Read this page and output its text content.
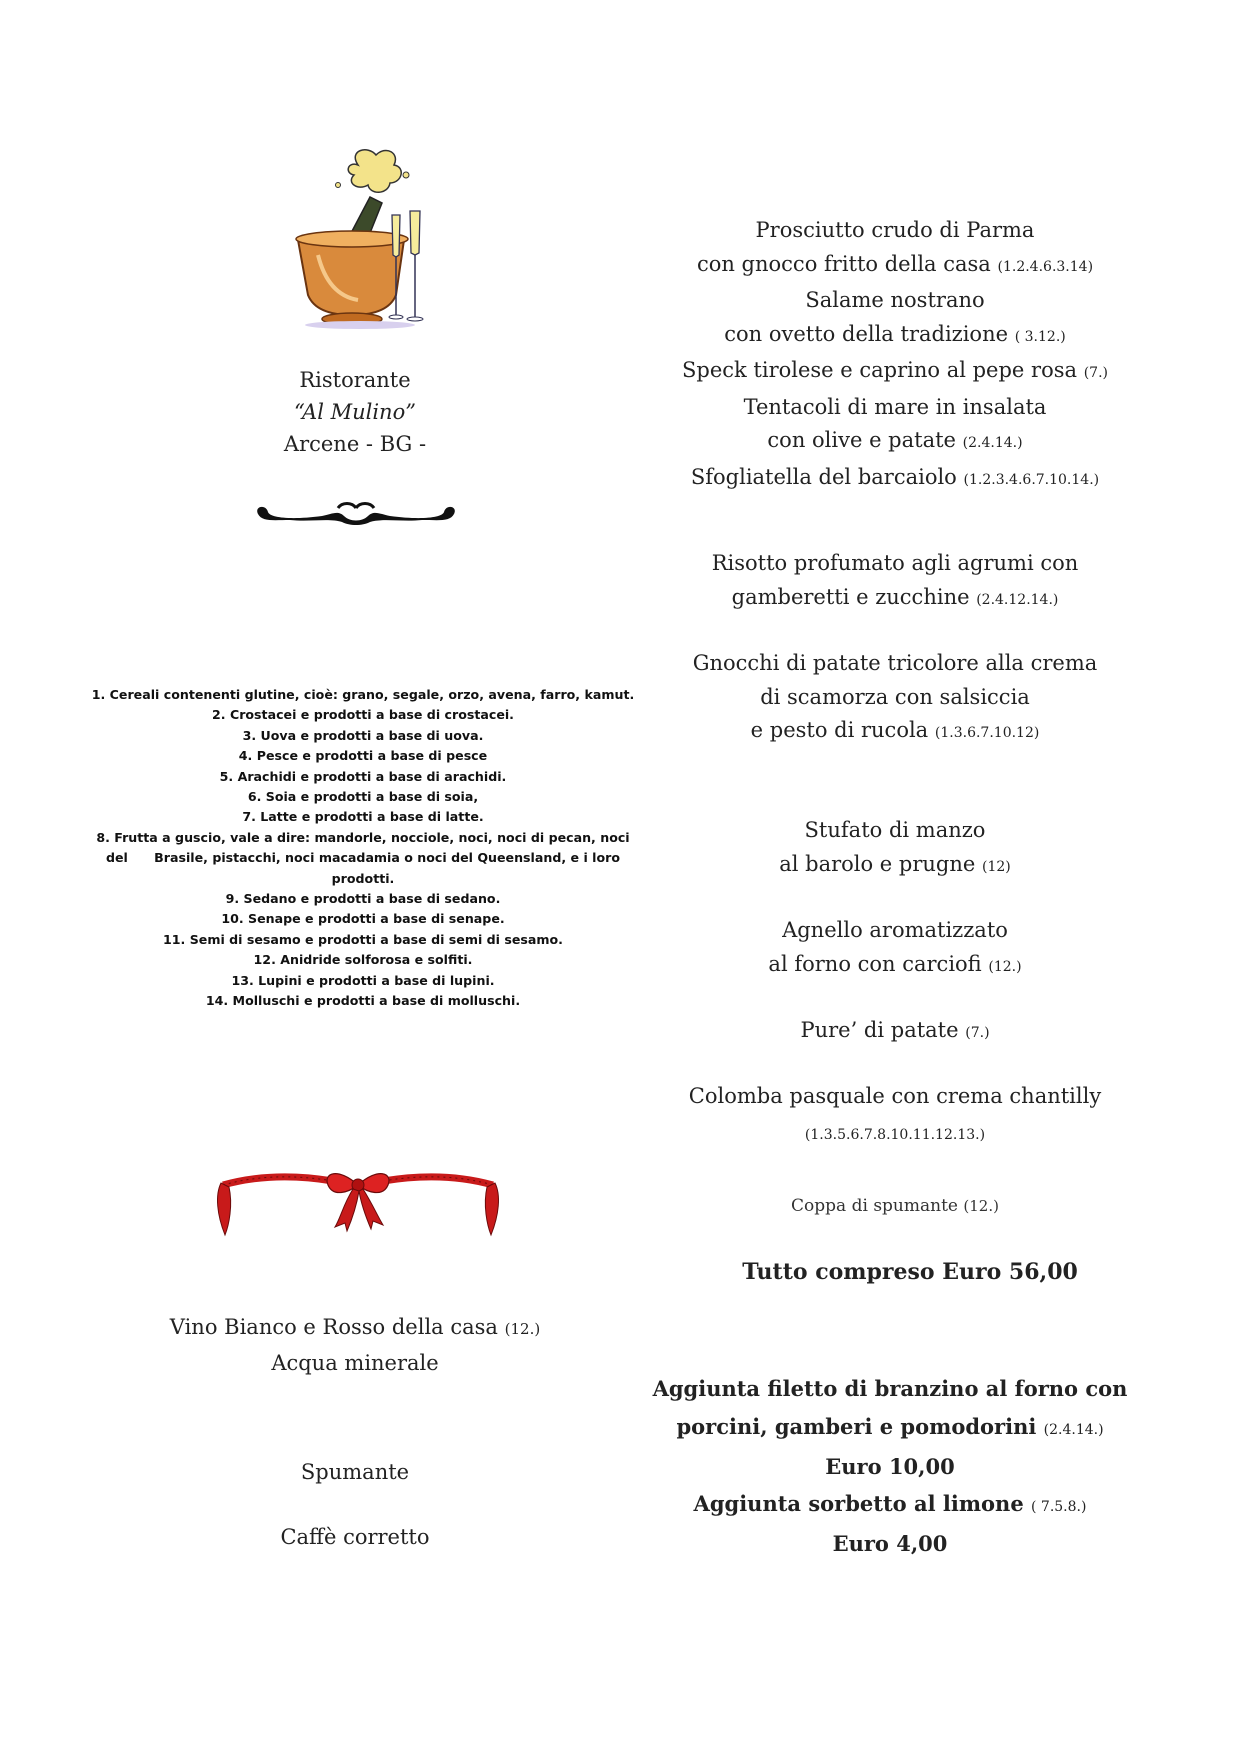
Ristorante
“Al Mulino”
Arcene - BG -
1. Cereali contenenti glutine, cioè: grano, segale, orzo, avena, farro, kamut.
2. Crostacei e prodotti a base di crostacei.
3. Uova e prodotti a base di uova.
4. Pesce e prodotti a base di pesce
5. Arachidi e prodotti a base di arachidi.
6. Soia e prodotti a base di soia,
7. Latte e prodotti a base di latte.
8. Frutta a guscio, vale a dire: mandorle, nocciole, noci, noci di pecan, noci
del      Brasile, pistacchi, noci macadamia o noci del Queensland, e i loro
prodotti.
9. Sedano e prodotti a base di sedano.
10. Senape e prodotti a base di senape.
11. Semi di sesamo e prodotti a base di semi di sesamo.
12. Anidride solforosa e solfiti.
13. Lupini e prodotti a base di lupini.
14. Molluschi e prodotti a base di molluschi.
Vino Bianco e Rosso della casa (12.)
Acqua minerale
Spumante
Caffè corretto
Prosciutto crudo di Parma
con gnocco fritto della casa (1.2.4.6.3.14)
Salame nostrano
con ovetto della tradizione ( 3.12.)
Speck tirolese e caprino al pepe rosa (7.)
Tentacoli di mare in insalata
con olive e patate (2.4.14.)
Sfogliatella del barcaiolo (1.2.3.4.6.7.10.14.)
Risotto profumato agli agrumi con
gamberetti e zucchine (2.4.12.14.)
Gnocchi di patate tricolore alla crema
di scamorza con salsiccia
e pesto di rucola (1.3.6.7.10.12)
Stufato di manzo
al barolo e prugne (12)
Agnello aromatizzato
al forno con carciofi (12.)
Pure’ di patate (7.)
Colomba pasquale con crema chantilly
(1.3.5.6.7.8.10.11.12.13.)
Coppa di spumante (12.)
Tutto compreso Euro 56,00
Aggiunta filetto di branzino al forno con
porcini, gamberi e pomodorini (2.4.14.)
Euro 10,00
Aggiunta sorbetto al limone ( 7.5.8.)
Euro 4,00
